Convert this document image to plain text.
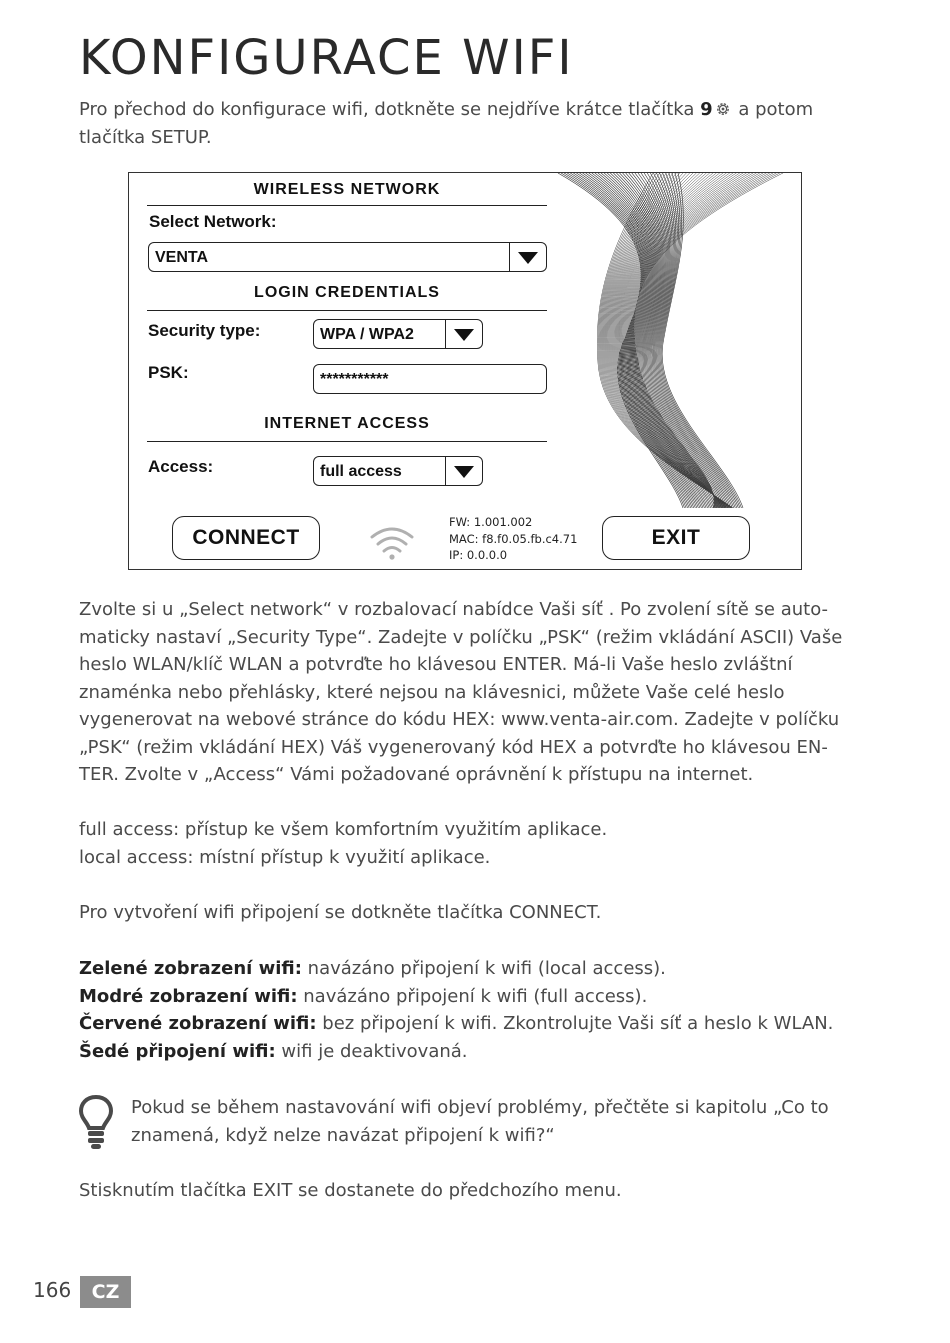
KONFIGURACE WIFI

Pro přechod do konfigurace wifi, dotkněte se nejdříve krátce tlačítka 9 a potom tlačítka SETUP.

WIRELESS NETWORK
Select Network:
VENTA
LOGIN CREDENTIALS
Security type:	WPA / WPA2
PSK:	***********
INTERNET ACCESS
Access:	full access
CONNECT
FW: 1.001.002
MAC: f8.f0.05.fb.c4.71
IP: 0.0.0.0
EXIT
Zvolte si u „Select network“ v rozbalovací nabídce Vaši síť . Po zvolení sítě se auto-
maticky nastaví „Security Type“. Zadejte v políčku „PSK“ (režim vkládání ASCII) Vaše
heslo WLAN/klíč WLAN a potvrďte ho klávesou ENTER. Má-li Vaše heslo zvláštní
znaménka nebo přehlásky, které nejsou na klávesnici, můžete Vaše celé heslo
vygenerovat na webové stránce do kódu HEX: www.venta-air.com. Zadejte v políčku
„PSK“ (režim vkládání HEX) Váš vygenerovaný kód HEX a potvrďte ho klávesou EN-
TER. Zvolte v „Access“ Vámi požadované oprávnění k přístupu na internet.

full access: přístup ke všem komfortním využitím aplikace.

local access: místní přístup k využití aplikace.

Pro vytvoření wifi připojení se dotkněte tlačítka CONNECT.

Zelené zobrazení wifi: navázáno připojení k wifi (local access).
Modré zobrazení wifi: navázáno připojení k wifi (full access).
Červené zobrazení wifi: bez připojení k wifi. Zkontrolujte Vaši síť a heslo k WLAN.
Šedé připojení wifi: wifi je deaktivovaná.

Pokud se během nastavování wifi objeví problémy, přečtěte si kapitolu „Co to
znamená, když nelze navázat připojení k wifi?“

Stisknutím tlačítka EXIT se dostanete do předchozího menu.

166	CZ
